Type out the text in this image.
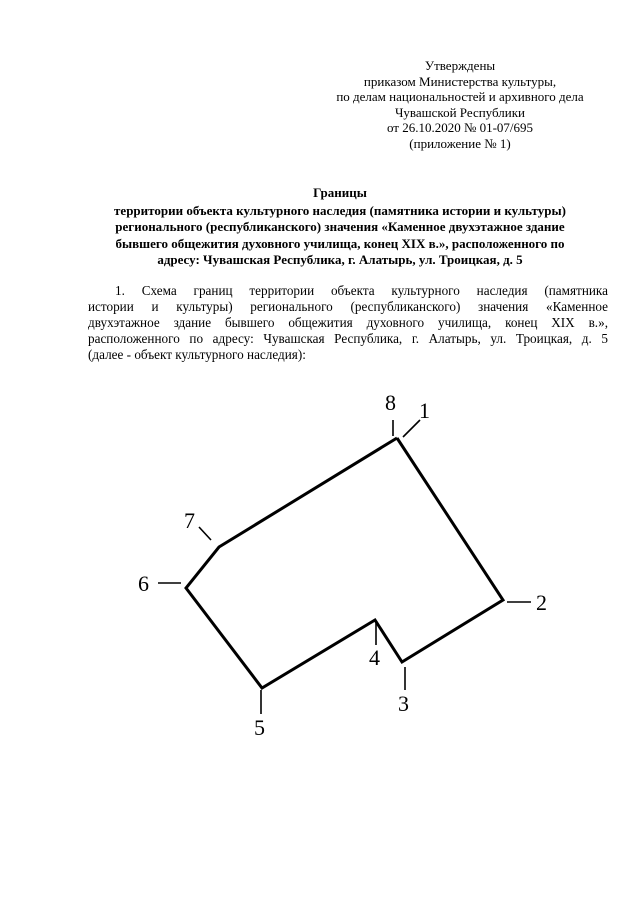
Утверждены
приказом Министерства культуры,
по делам национальностей и архивного дела
Чувашской Республики
от 26.10.2020 № 01-07/695
(приложение № 1)
Границы
территории объекта культурного наследия (памятника истории и культуры)
регионального (республиканского) значения «Каменное двухэтажное здание
бывшего общежития духовного училища, конец XIX в.», расположенного по
адресу: Чувашская Республика, г. Алатырь, ул. Троицкая, д. 5
1. Схема границ территории объекта культурного наследия (памятника
истории и культуры) регионального (республиканского) значения «Каменное
двухэтажное здание бывшего общежития духовного училища, конец XIX в.»,
расположенного по адресу: Чувашская Республика, г. Алатырь, ул. Троицкая, д. 5
(далее - объект культурного наследия):
1
2
3
4
5
6
7
8
